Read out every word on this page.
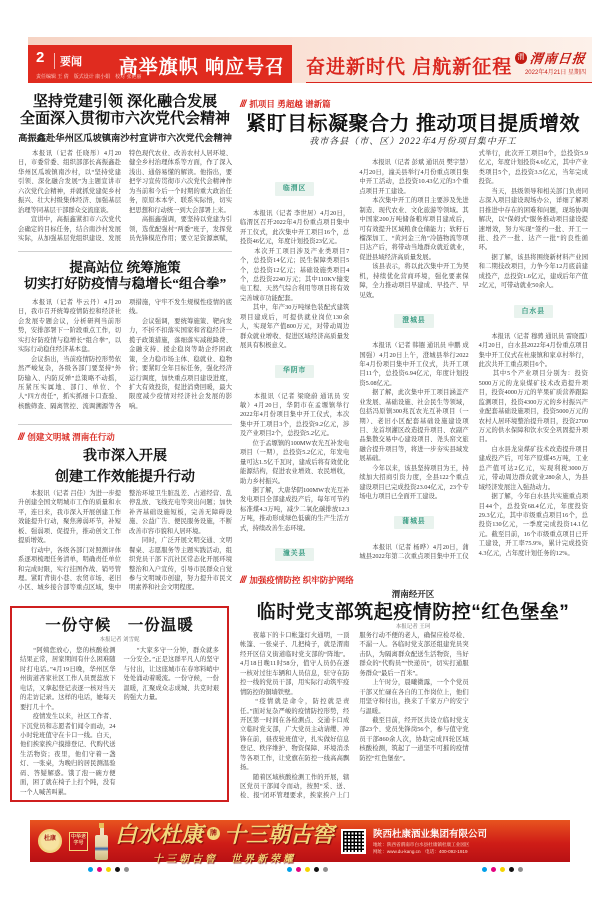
2	要闻
责任编辑 王 倩　版式设计 康小娟　校对 张艳丽
高举旗帜 响应号召 奋进新时代 启航新征程 渭 渭南日报
2022年4月21日 星期四
坚持党建引领 深化融合发展
全面深入贯彻市六次党代会精神
高振鑫赴华州区瓜坡镇南沙村宣讲市六次党代会精神
　　本报讯（记者 任晓彤）4月20日，市委常委、组织部部长高振鑫赴华州区瓜坡镇南沙村，以“坚持党建引领、深化融合发展”为主题宣讲市六次党代会精神，并就抓党建促乡村振兴、壮大村级集体经济、加强基层治理等同基层干部群众交流座谈。
　　宣讲中，高振鑫紧扣市六次党代会确定的目标任务，结合南沙村发展实际，从加强基层党组织建设、发展特色现代农业、改善农村人居环境、健全乡村治理体系等方面，作了深入浅出、通俗易懂的解读。他指出，要把学习宣传贯彻市六次党代会精神作为当前和今后一个时期的重大政治任务，原原本本学、联系实际悟，切实把思想和行动统一到大会部署上来。
　　高振鑫强调，要坚持以党建为引领，选优配强村“两委”班子，发挥党员先锋模范作用；要立足资源禀赋，
提高站位 统筹施策
切实打好防疫情与稳增长“组合拳”
　　本报讯（记者 毕云丹）4月20日，我市召开统筹疫情防控和经济社会发展专题会议，分析研判当前形势，安排部署下一阶段重点工作，切实打好防疫情与稳增长“组合拳”，以实际行动稳住经济基本盘。
　　会议指出，当前疫情防控形势依然严峻复杂，各级各部门要坚持“外防输入、内防反弹”总策略不动摇，压紧压实属地、部门、单位、个人“四方责任”，抓实抓细卡口查验、核酸筛查、隔离管控、流调溯源等各项措施，守牢不发生规模性疫情的底线。
　　会议强调，要统筹施策、靶向发力，不折不扣落实国家和省稳经济一揽子政策措施，落细落实减税降费、金融支持、援企稳岗等助企纾困政策，全力稳市场主体、稳就业、稳物价；要紧盯全年目标任务，强化经济运行调度，加快重点项目建设进度，扩大有效投资，促进消费回暖，最大限度减少疫情对经济社会发展的影响。

/// 创建文明城 渭南在行动
我市深入开展
创建工作效能提升行动
　　本报讯（记者 吕佳）为进一步提升创建全国文明城市工作的质量和水平，连日来，我市深入开展创建工作效能提升行动，聚焦薄弱环节，补短板、强弱项、促提升，推动创文工作提质增效。
　　行动中，各级各部门对照测评体系逐项梳理任务清单，明确责任单位和完成时限，实行挂图作战、销号管理。紧盯背街小巷、农贸市场、老旧小区、城乡接合部等重点区域，集中整治环境卫生脏乱差、占道经营、乱停乱放、飞线充电等突出问题；加快补齐基础设施短板，完善无障碍设施、公益广告、便民服务设施，不断改善市容市貌和人居环境。
　　同时，广泛开展文明交通、文明餐桌、志愿服务等主题实践活动，组织党员干部下沉社区常态化开展环境整治和入户宣传，引导市民群众自觉参与文明城市创建，努力提升市民文明素养和社会文明程度。

一份守候　一份温暖
本报记者 刘雪妮
　　“阿姨您放心，您的核酸检测结果正常，居家期间有什么困难随时打电话。”4月19日晚，华州区华州街道吝家社区工作人员贾蕊放下电话，又拿起登记表逐一核对当天的走访记录。这样的电话，她每天要打几十个。
　　疫情发生以来，社区工作者、下沉党员和志愿者们闻令而动，24小时轮班值守在卡口一线。白天，他们挨家挨户摸排登记、代购代送生活物资；夜里，他们守着一盏灯、一张桌，为晚归的居民测温验码、答疑解惑。饿了泡一碗方便面，困了就在椅子上打个盹，没有一个人喊苦叫累。
　　“大家多守一分钟，群众就多一分安全。”正是这群平凡人的坚守与付出，让这座城市在春寒料峭中处处涌动着暖流。一份守候，一份温暖，汇聚成众志成城、共克时艰的强大力量。
/// 抓项目 勇超越 谱新篇
紧盯目标凝聚合力 推动项目提质增效
我市各县（市、区）2022年4月份项目集中开工

临渭区

　　本报讯（记者 李世居）4月20日，临渭区召开2022年4月份重点项目集中开工仪式，此次集中开工项目16个，总投资46亿元，年度计划投资23亿元。
　　本次开工项目涉及产业类项目7个，总投资14亿元；民生保障类项目5个，总投资12亿元；基础设施类项目4个，总投资2240万元；其中110KV输变电工程、天然气综合利用等项目将有效完善城市功能配套。
　　其中，年产30万吨绿色装配式建筑项目建成后，可提供就业岗位130余人，实现年产值800万元，对带动周边群众就业增收、促进区域经济高质量发展具有积极意义。

华阴市

　　本报讯（记者 梁晓蔚 通讯员 安 敏）4月20日，华阴市在孟塬镇举行2022年4月份项目集中开工仪式，本次集中开工项目3个，总投资9.2亿元，涉及产业项目2个，总投资5.2亿元。
　　位于孟塬镇的100MW农光互补发电项目（一期），总投资5.2亿元，年发电量可达1.5亿千瓦时，建成后将有效优化能源结构，促进农业增效、农民增收，助力乡村振兴。
　　据了解，大唐华阴100MW农光互补发电项目全部建成投产后，每年可节约标准煤4.3万吨，减少二氧化碳排放12.3万吨，推动形成绿色低碳的生产生活方式，持续改善生态环境。

潼关县

　　本报讯（记者 彭斌 通讯员 樊宇慧）4月20日，潼关县举行4月份重点项目集中开工活动，总投资10.43亿元的3个重点项目开工建设。
　　本次集中开工的项目主要涉及先进制造、现代农业、文化旅游等领域。其中国家200万吨储备粮库项目建成后，可有效提升区域粮食仓储能力；软籽石榴深加工、“黄河金三角”冷链物流等项目达产后，将带动当地群众就近就业，促进县域经济高质量发展。
　　该县表示，将以此次集中开工为契机，持续优化营商环境，强化要素保障，全力推动项目早建成、早投产、早见效。

澄城县

　　本报讯（记者 韩镪 通讯员 申鹏 成国强）4月20日上午，澄城县举行2022年4月份项目集中开工仪式，共开工项目11个，总投资6.94亿元，年度计划投资5.08亿元。
　　据了解，此次集中开工项目涵盖产业发展、基础设施、社会民生等领域，包括冯原镇300兆瓦农光互补项目（一期）、老旧小区配套基础设施建设项目、龙首坝灌区改造提升项目、农副产品集散交易中心建设项目、尧头窑文旅融合提升项目等，将进一步夯实县域发展基础。
　　今年以来，该县坚持项目为王，持续加大招商引资力度，全县122个重点建设项目已完成投资23.04亿元，23个专场电力项目已全面开工建设。

蒲城县

　　本报讯（记者 杨晔）4月20日，蒲城县2022年第二次重点项目集中开工仪式举行，此次开工项目8个，总投资5.9亿元，年度计划投资4.6亿元，其中产业类项目5个，总投资3.5亿元，当年完成投资。
　　当天，县级领导和相关部门负责同志深入项目建设现场办公，详细了解项目推进中存在的困难和问题，现场协调解决，以“保姆式”服务推动项目建设提速增效，努力实现“签约一批、开工一批、投产一批、达产一批”的良性循环。
　　据了解，该县将围绕新材料产业园和二期技改项目，力争今年12月底前建成投产，总投资1.6亿元，建成后年产值2亿元，可带动就业50余人。

白水县

　　本报讯（记者 穆骋 通讯员 雷晓霞）4月20日，白水县2022年4月份重点项目集中开工仪式在杜康镇和家卓村举行，此次共开工重点项目6个。
　　其中5个产业项目分别为：投资5000万元的龙泉煤矿技术改造提升项目，投资4000万元的苹果矿质营养跟踪监测项目，投资4300万元的乡村振兴产业配套基础设施项目，投资5000万元的农村人居环境整治提升项目，投资2700万元的供水保障和饮水安全巩固提升项目。
　　白水县龙泉煤矿技术改造提升项目建成投产后，可年产原煤45万吨，工业总产值可达2亿元，实现利税3000万元，带动周边群众就业280余人，为县域经济发展注入强劲动力。
　　据了解，今年白水县共实施重点项目44个，总投资68.4亿元，年度投资29.3亿元，其中市级重点项目16个，总投资130亿元，一季度完成投资14.1亿元。截至目前，16个市级重点项目已开工建设，开工率75.9%，累计完成投资4.3亿元，占年度计划任务的12%。

/// 加强疫情防控 织牢防护网络
渭南经开区
临时党支部筑起疫情防控“红色堡垒”
本报记者 王珂
　　夜幕下的卡口帐篷灯火通明，一顶帐篷、一张桌子、几把椅子，就是渭南经开区信义街道临时党支部的“阵地”。4月18日晚11时58分，值守人员仍在逐一核对过往车辆和人员信息，驻守在防控一线的党员干部，用实际行动筑牢疫情防控的铜墙铁壁。
　　“疫情就是命令，防控就是责任。”面对复杂严峻的疫情防控形势，经开区第一时间在各检测点、交通卡口成立临时党支部，广大党员主动请缨、冲锋在前，昼夜轮班值守，扎实做好信息登记、秩序维护、物资保障、环境消杀等各项工作，让党旗在防控一线高高飘扬。
　　随着区域核酸检测工作的开展，辖区党员干部闻令而动，按照“采、送、检、报”闭环管理要求，挨家挨户上门服务行动不便的老人，确保应检尽检、不漏一人。各临时党支部还组建党员突击队，为隔离群众配送生活物资，当好群众的“代购员”“快递员”，切实打通服务群众“最后一百米”。
　　上午时分，晨曦微露，一个个党员干部又忙碌在各自的工作岗位上，他们用坚守和付出，换来了千家万户的安宁与温暖。
　　截至目前，经开区共设立临时党支部23个、党员先锋岗56个，参与值守党员干部860余人次，协助完成四轮区域核酸检测，筑起了一道坚不可摧的疫情防控“红色堡垒”。
杜康	中华老字号 白水杜康	牌 十三朝古窖
十三朝古窖　世界新荣耀
陕西杜康酒业集团有限公司
地址：陕西省渭南市白水县杜康镇杜康工业园区
网址：www.du-kang.cn　电话：400-092-1919
